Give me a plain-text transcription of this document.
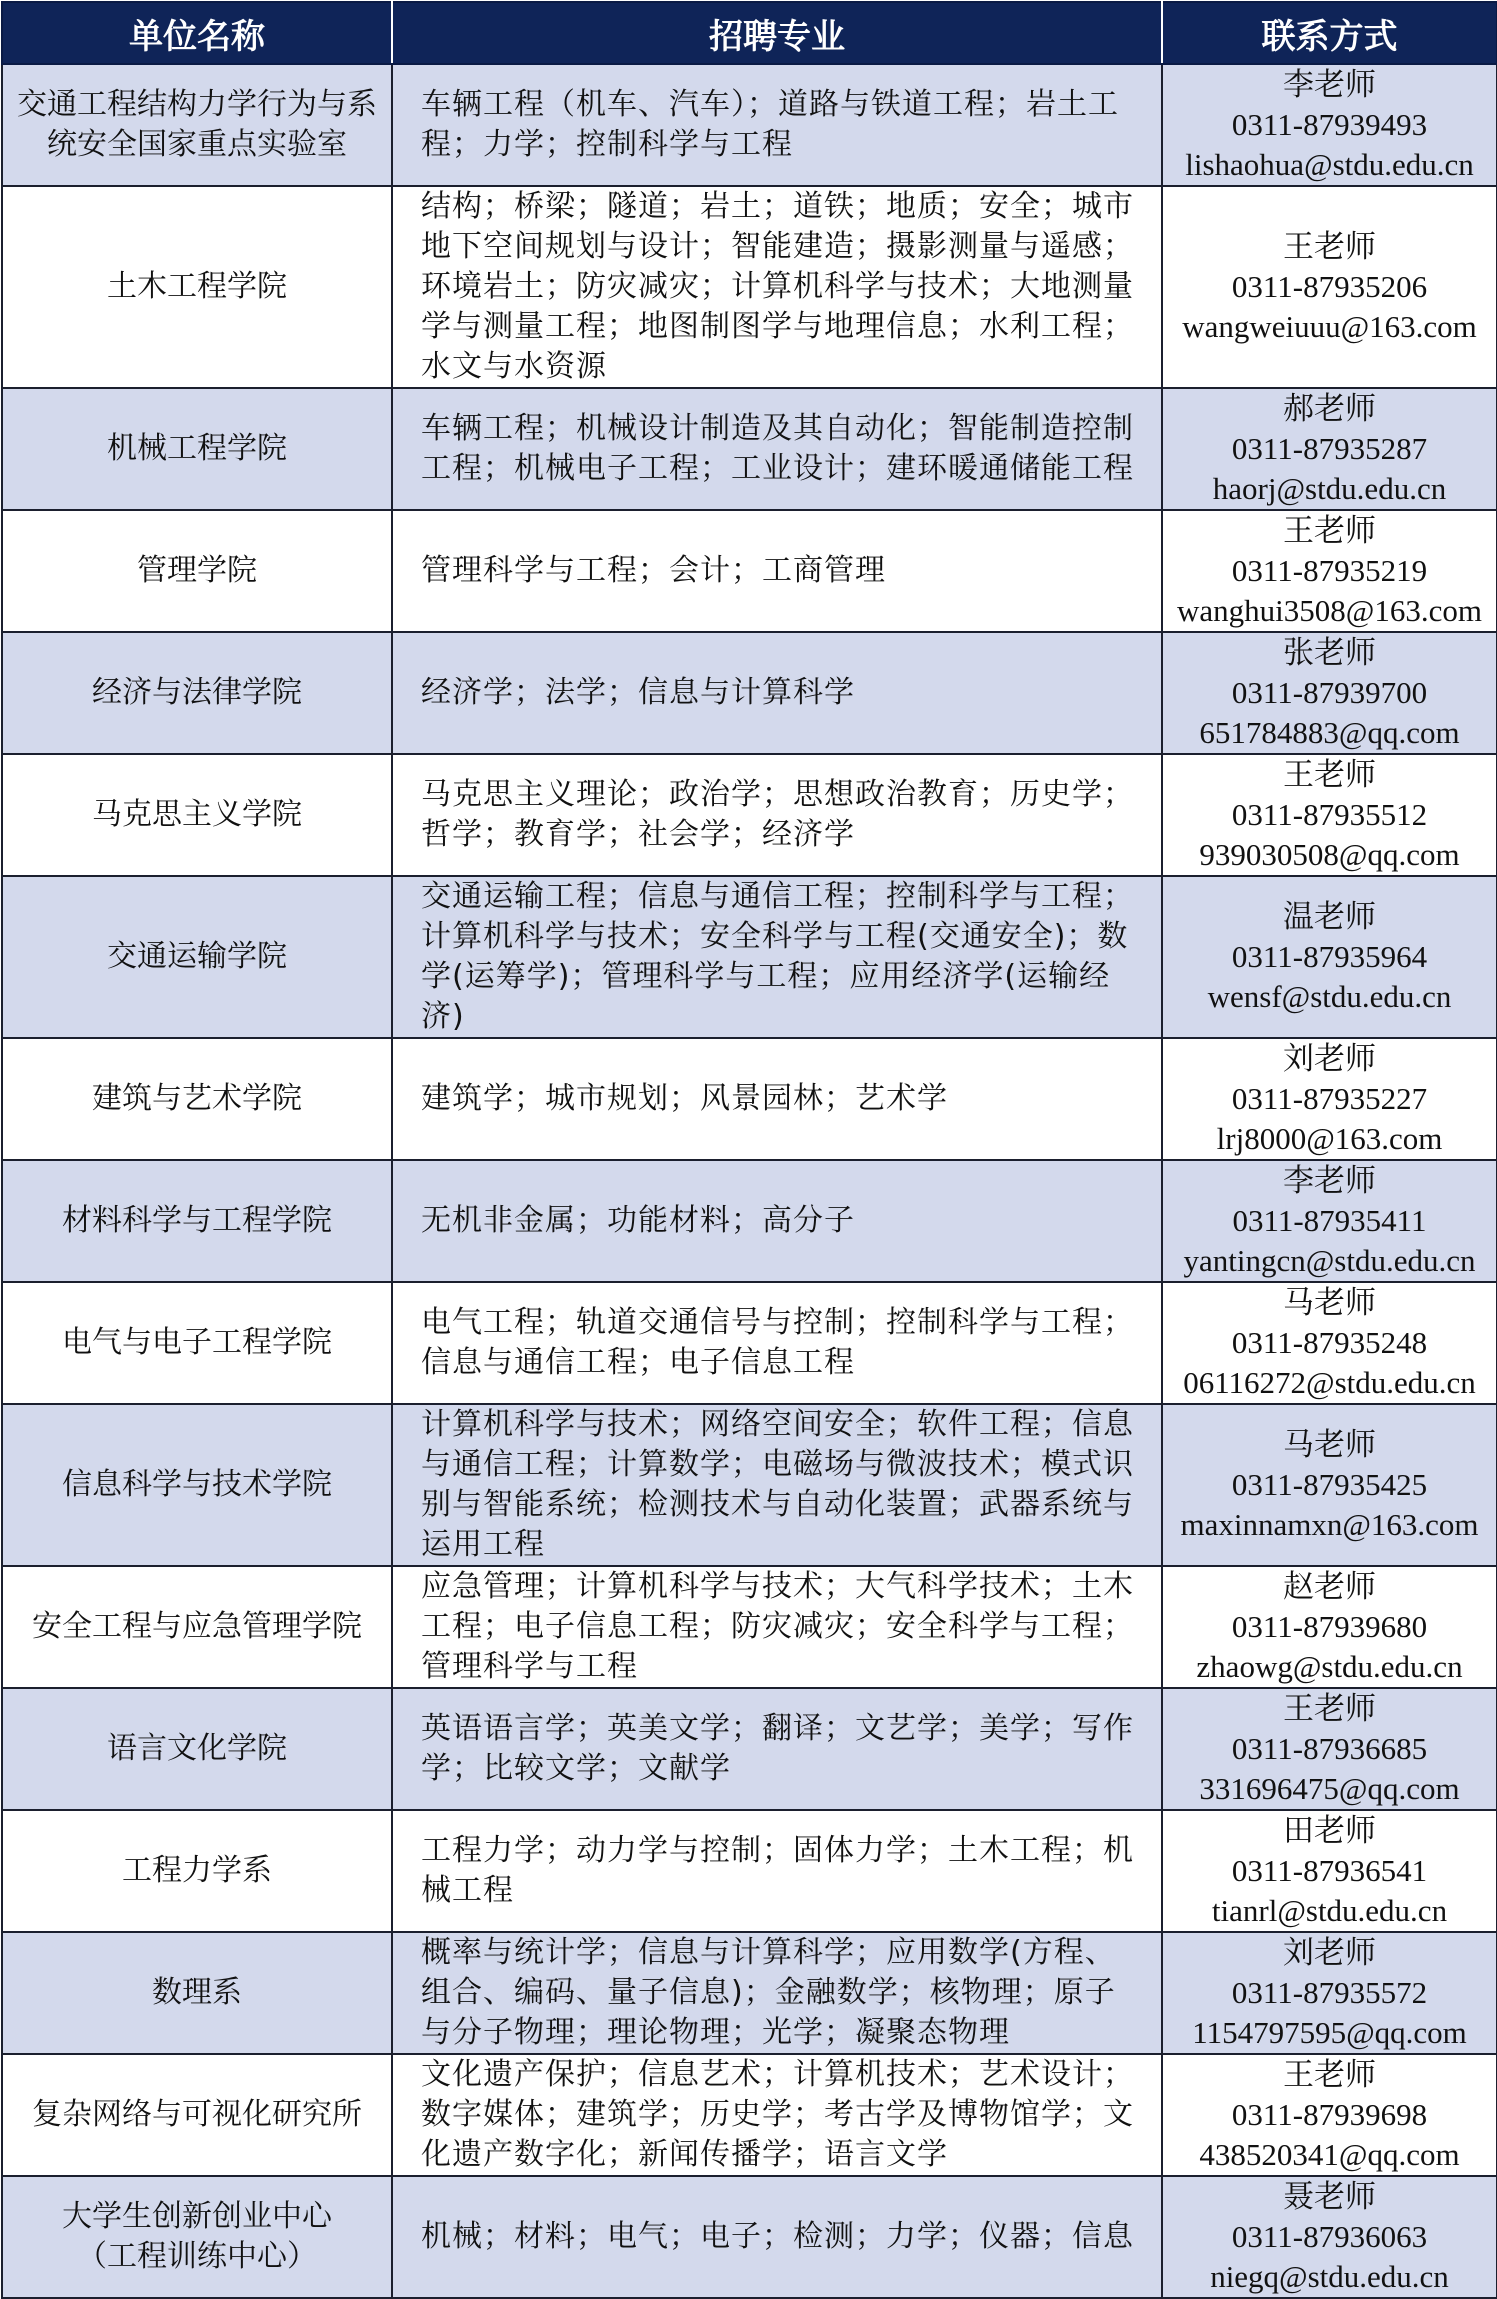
单位名称	招聘专业	联系方式

交通工程结构力学行为与系统安全国家重点实验室	车辆工程（机车、汽车）；道路与铁道工程；岩土工程；力学；控制科学与工程	李老师
0311-87939493
lishaohua@stdu.edu.cn

土木工程学院	结构；桥梁；隧道；岩土；道铁；地质；安全；城市地下空间规划与设计；智能建造；摄影测量与遥感；环境岩土；防灾减灾；计算机科学与技术；大地测量学与测量工程；地图制图学与地理信息；水利工程；水文与水资源	王老师
0311-87935206
wangweiuuu@163.com

机械工程学院	车辆工程；机械设计制造及其自动化；智能制造控制工程；机械电子工程；工业设计；建环暖通储能工程	郝老师
0311-87935287
haorj@stdu.edu.cn

管理学院	管理科学与工程；会计；工商管理	王老师
0311-87935219
wanghui3508@163.com

经济与法律学院	经济学；法学；信息与计算科学	张老师
0311-87939700
651784883@qq.com

马克思主义学院	马克思主义理论；政治学；思想政治教育；历史学；哲学；教育学；社会学；经济学	王老师
0311-87935512
939030508@qq.com

交通运输学院	交通运输工程；信息与通信工程；控制科学与工程；计算机科学与技术；安全科学与工程(交通安全)；数学(运筹学)；管理科学与工程；应用经济学(运输经济)	温老师
0311-87935964
wensf@stdu.edu.cn

建筑与艺术学院	建筑学；城市规划；风景园林；艺术学	刘老师
0311-87935227
lrj8000@163.com

材料科学与工程学院	无机非金属；功能材料；高分子	李老师
0311-87935411
yantingcn@stdu.edu.cn

电气与电子工程学院	电气工程；轨道交通信号与控制；控制科学与工程；信息与通信工程；电子信息工程	马老师
0311-87935248
06116272@stdu.edu.cn

信息科学与技术学院	计算机科学与技术；网络空间安全；软件工程；信息与通信工程；计算数学；电磁场与微波技术；模式识别与智能系统；检测技术与自动化装置；武器系统与运用工程	马老师
0311-87935425
maxinnamxn@163.com

安全工程与应急管理学院	应急管理；计算机科学与技术；大气科学技术；土木工程；电子信息工程；防灾减灾；安全科学与工程；管理科学与工程	赵老师
0311-87939680
zhaowg@stdu.edu.cn

语言文化学院	英语语言学；英美文学；翻译；文艺学；美学；写作学；比较文学；文献学	王老师
0311-87936685
331696475@qq.com

工程力学系	工程力学；动力学与控制；固体力学；土木工程；机械工程	田老师
0311-87936541
tianrl@stdu.edu.cn

数理系	概率与统计学；信息与计算科学；应用数学(方程、组合、编码、量子信息)；金融数学；核物理；原子与分子物理；理论物理；光学；凝聚态物理	刘老师
0311-87935572
1154797595@qq.com

复杂网络与可视化研究所	文化遗产保护；信息艺术；计算机技术；艺术设计；数字媒体；建筑学；历史学；考古学及博物馆学；文化遗产数字化；新闻传播学；语言文学	王老师
0311-87939698
438520341@qq.com

大学生创新创业中心
（工程训练中心）	机械；材料；电气；电子；检测；力学；仪器；信息	聂老师
0311-87936063
niegq@stdu.edu.cn
